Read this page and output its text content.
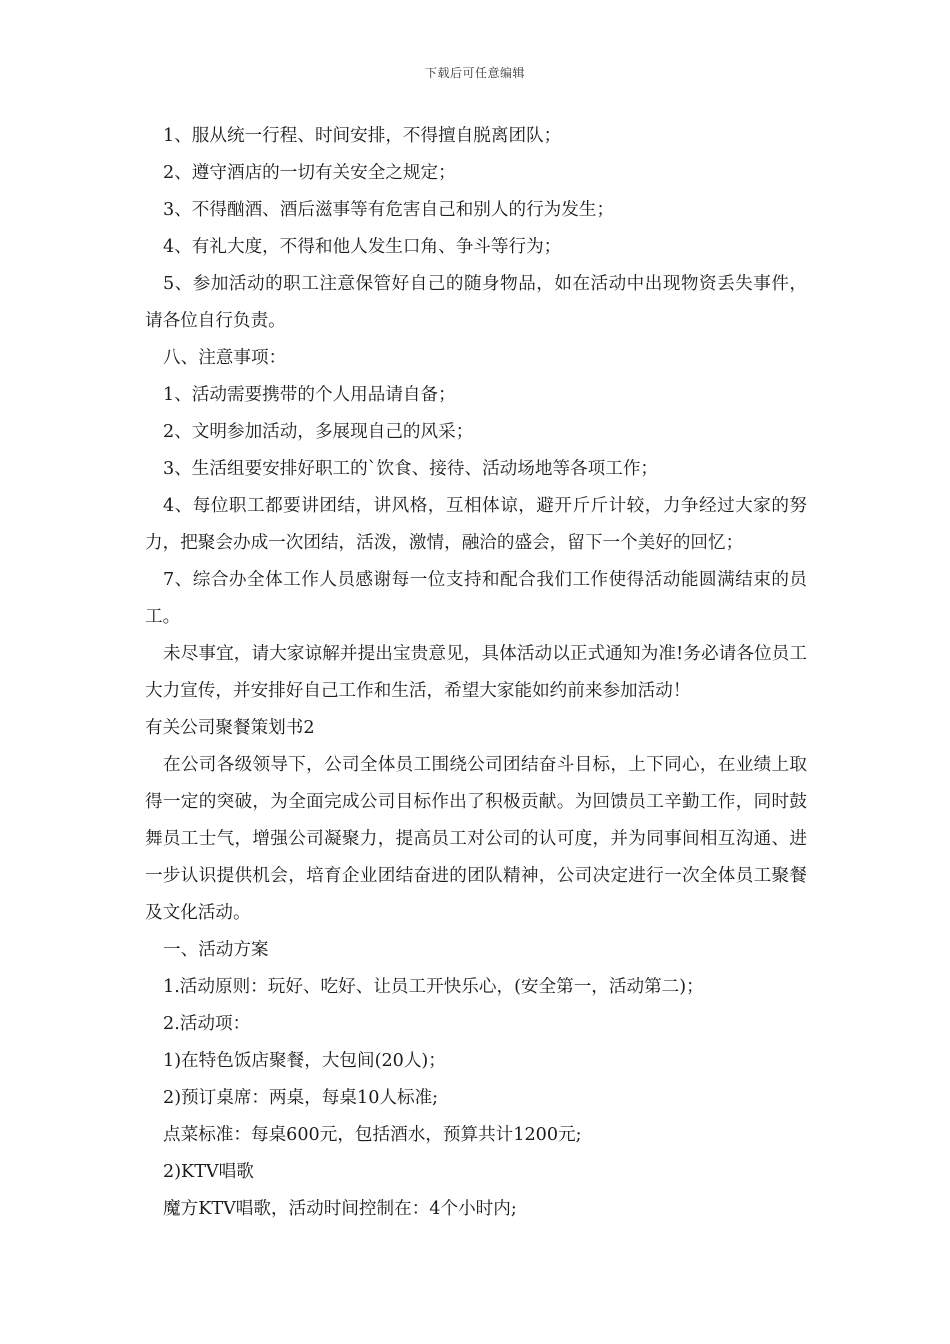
下载后可任意编辑

1、服从统一行程、时间安排，不得擅自脱离团队；

2、遵守酒店的一切有关安全之规定；

3、不得酗酒、酒后滋事等有危害自己和别人的行为发生；

4、有礼大度，不得和他人发生口角、争斗等行为；

5、参加活动的职工注意保管好自己的随身物品，如在活动中出现物资丢失事件，请各位自行负责。

八、注意事项：

1、活动需要携带的个人用品请自备；

2、文明参加活动，多展现自己的风采；

3、生活组要安排好职工的`饮食、接待、活动场地等各项工作；

4、每位职工都要讲团结，讲风格，互相体谅，避开斤斤计较，力争经过大家的努力，把聚会办成一次团结，活泼，激情，融洽的盛会，留下一个美好的回忆；

7、综合办全体工作人员感谢每一位支持和配合我们工作使得活动能圆满结束的员工。

未尽事宜，请大家谅解并提出宝贵意见，具体活动以正式通知为准!务必请各位员工大力宣传，并安排好自己工作和生活，希望大家能如约前来参加活动！

有关公司聚餐策划书2

在公司各级领导下，公司全体员工围绕公司团结奋斗目标，上下同心，在业绩上取得一定的突破，为全面完成公司目标作出了积极贡献。为回馈员工辛勤工作，同时鼓舞员工士气，增强公司凝聚力，提高员工对公司的认可度，并为同事间相互沟通、进一步认识提供机会，培育企业团结奋进的团队精神，公司决定进行一次全体员工聚餐及文化活动。

一、活动方案

1.活动原则：玩好、吃好、让员工开快乐心，(安全第一，活动第二)；

2.活动项：

1)在特色饭店聚餐，大包间(20人)；

2)预订桌席：两桌，每桌10人标准;

点菜标准：每桌600元，包括酒水，预算共计1200元;

2)KTV唱歌

魔方KTV唱歌，活动时间控制在：4个小时内;
